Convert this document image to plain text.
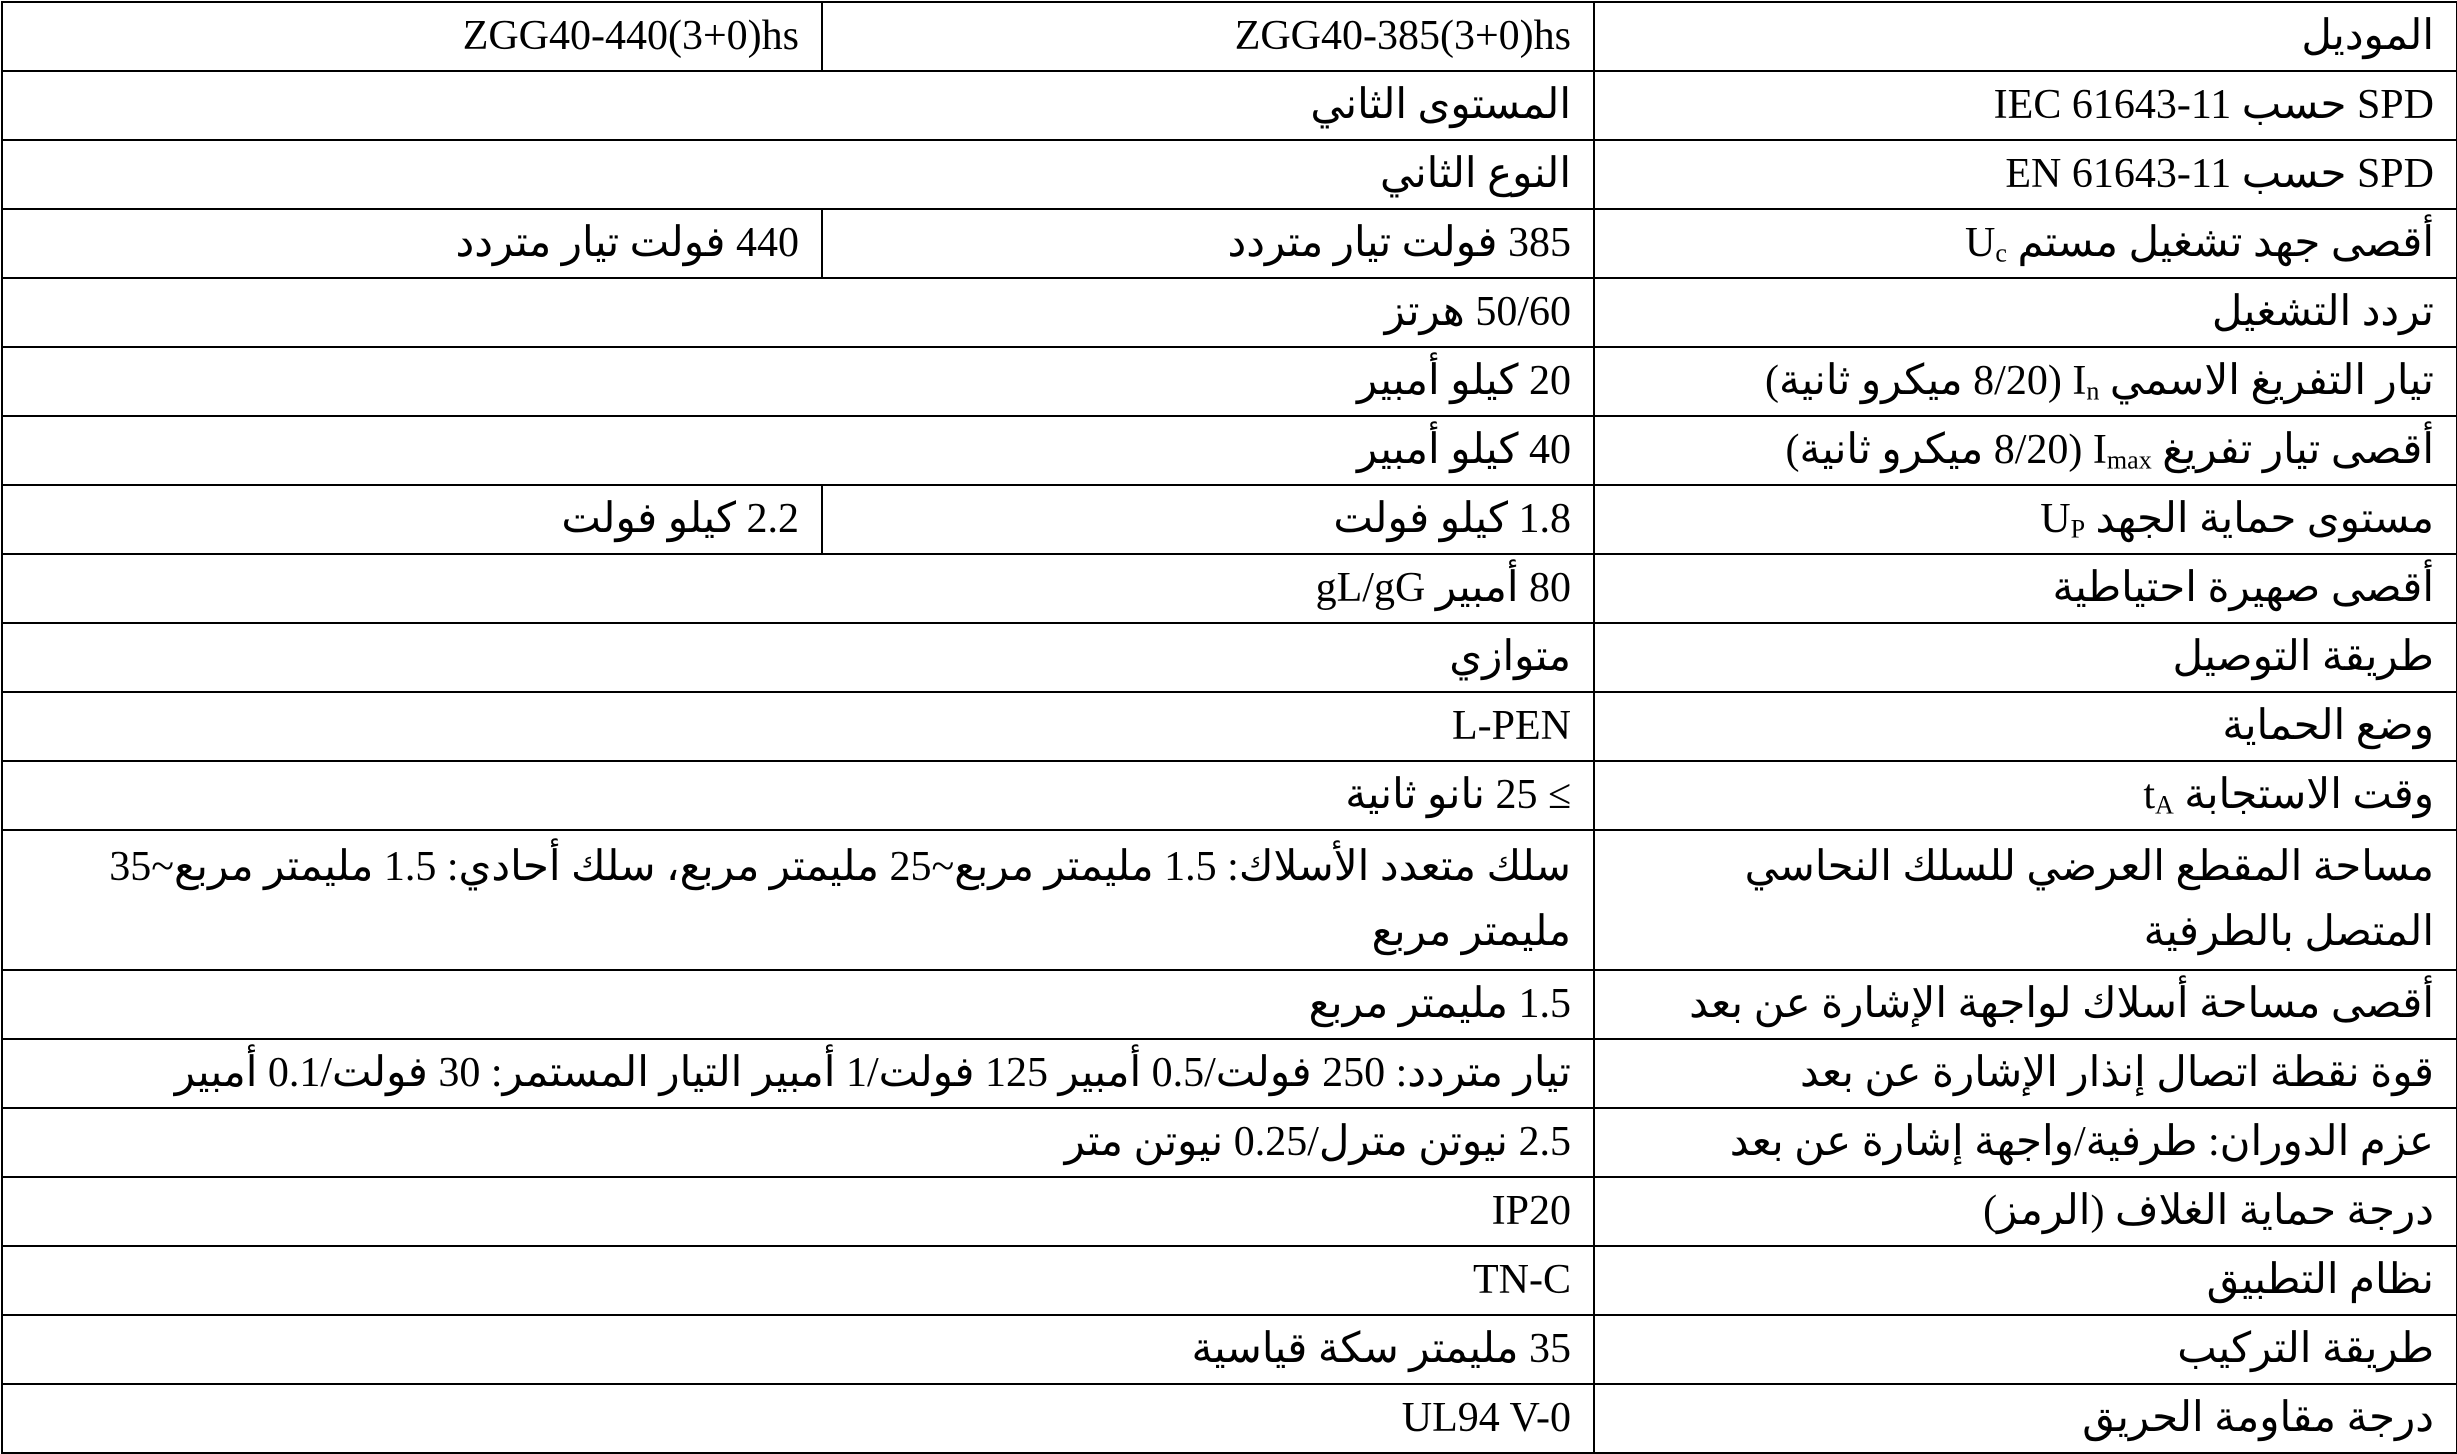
الموديل	ZGG40-385(3+0)hs	ZGG40-440(3+0)hs
SPD حسب IEC 61643-11	المستوى الثاني	
SPD حسب EN 61643-11	النوع الثاني	
أقصى جهد تشغيل مستم $U_c$	385 فولت تيار متردد	440 فولت تيار متردد
تردد التشغيل	50/60 هرتز	
تيار التفريغ الاسمي $I_n$ (8/20 ميكرو ثانية)	20 كيلو أمبير	
أقصى تيار تفريغ $I_{max}$ (8/20 ميكرو ثانية)	40 كيلو أمبير	
مستوى حماية الجهد $U_P$	1.8 كيلو فولت	2.2 كيلو فولت
أقصى صهيرة احتياطية	80 أمبير gL/gG	
طريقة التوصيل	متوازي	
وضع الحماية	L-PEN	
وقت الاستجابة $t_A$	≥ 25 نانو ثانية	
مساحة المقطع العرضي للسلك النحاسي المتصل بالطرفية	سلك متعدد الأسلاك: 1.5 مليمتر مربع~25 مليمتر مربع، سلك أحادي: 1.5 مليمتر مربع~35 مليمتر مربع	
أقصى مساحة أسلاك لواجهة الإشارة عن بعد	1.5 مليمتر مربع	
قوة نقطة اتصال إنذار الإشارة عن بعد	تيار متردد: 250 فولت/0.5 أمبير 125 فولت/1 أمبير التيار المستمر: 30 فولت/0.1 أمبير	
عزم الدوران: طرفية/واجهة إشارة عن بعد	2.5 نيوتن مترل/0.25 نيوتن متر	
درجة حماية الغلاف (الرمز)	IP20	
نظام التطبيق	TN-C	
طريقة التركيب	35 مليمتر سكة قياسية	
درجة مقاومة الحريق	UL94 V-0	
